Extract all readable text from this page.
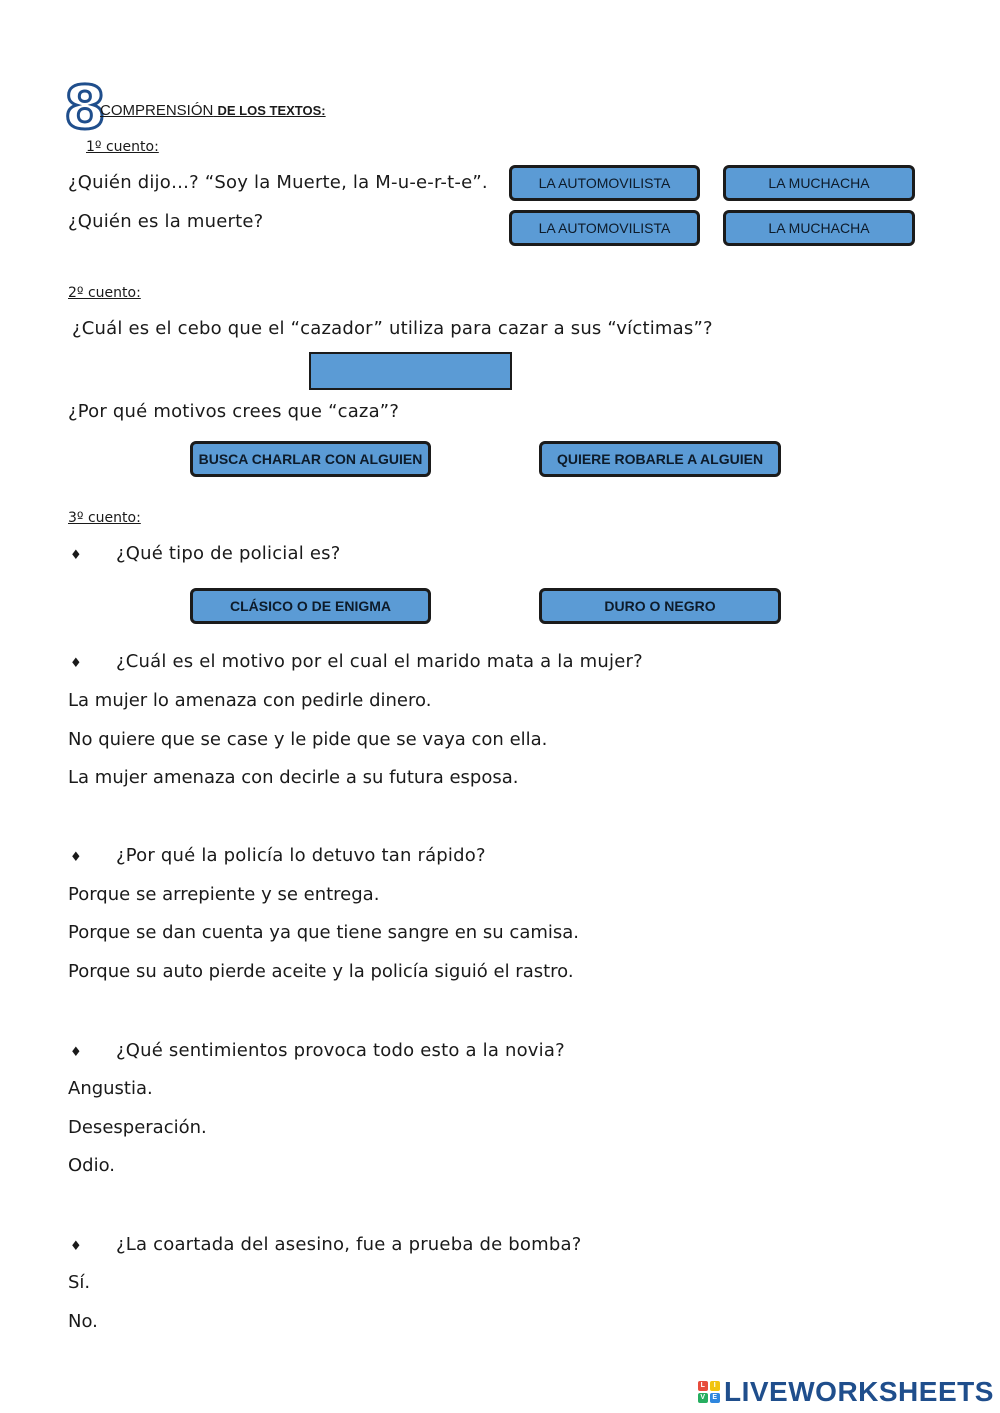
8
COMPRENSIÓN DE LOS TEXTOS:
1º cuento:
¿Quién dijo…? “Soy la Muerte, la M-u-e-r-t-e”.
¿Quién es la muerte?
LA AUTOMOVILISTA	LA MUCHACHA
LA AUTOMOVILISTA	LA MUCHACHA
2º cuento:
¿Cuál es el cebo que el “cazador” utiliza para cazar a sus “víctimas”?
¿Por qué motivos crees que “caza”?
BUSCA CHARLAR CON ALGUIEN	QUIERE ROBARLE A ALGUIEN
3º cuento:
♦ ¿Qué tipo de policial es?
CLÁSICO O DE ENIGMA	DURO O NEGRO
♦ ¿Cuál es el motivo por el cual el marido mata a la mujer?
La mujer lo amenaza con pedirle dinero.
No quiere que se case y le pide que se vaya con ella.
La mujer amenaza con decirle a su futura esposa.
♦ ¿Por qué la policía lo detuvo tan rápido?
Porque se arrepiente y se entrega.
Porque se dan cuenta ya que tiene sangre en su camisa.
Porque su auto pierde aceite y la policía siguió el rastro.
♦ ¿Qué sentimientos provoca todo esto a la novia?
Angustia.
Desesperación.
Odio.
♦ ¿La coartada del asesino, fue a prueba de bomba?
Sí.
No.
L	I
V E LIVEWORKSHEETS
